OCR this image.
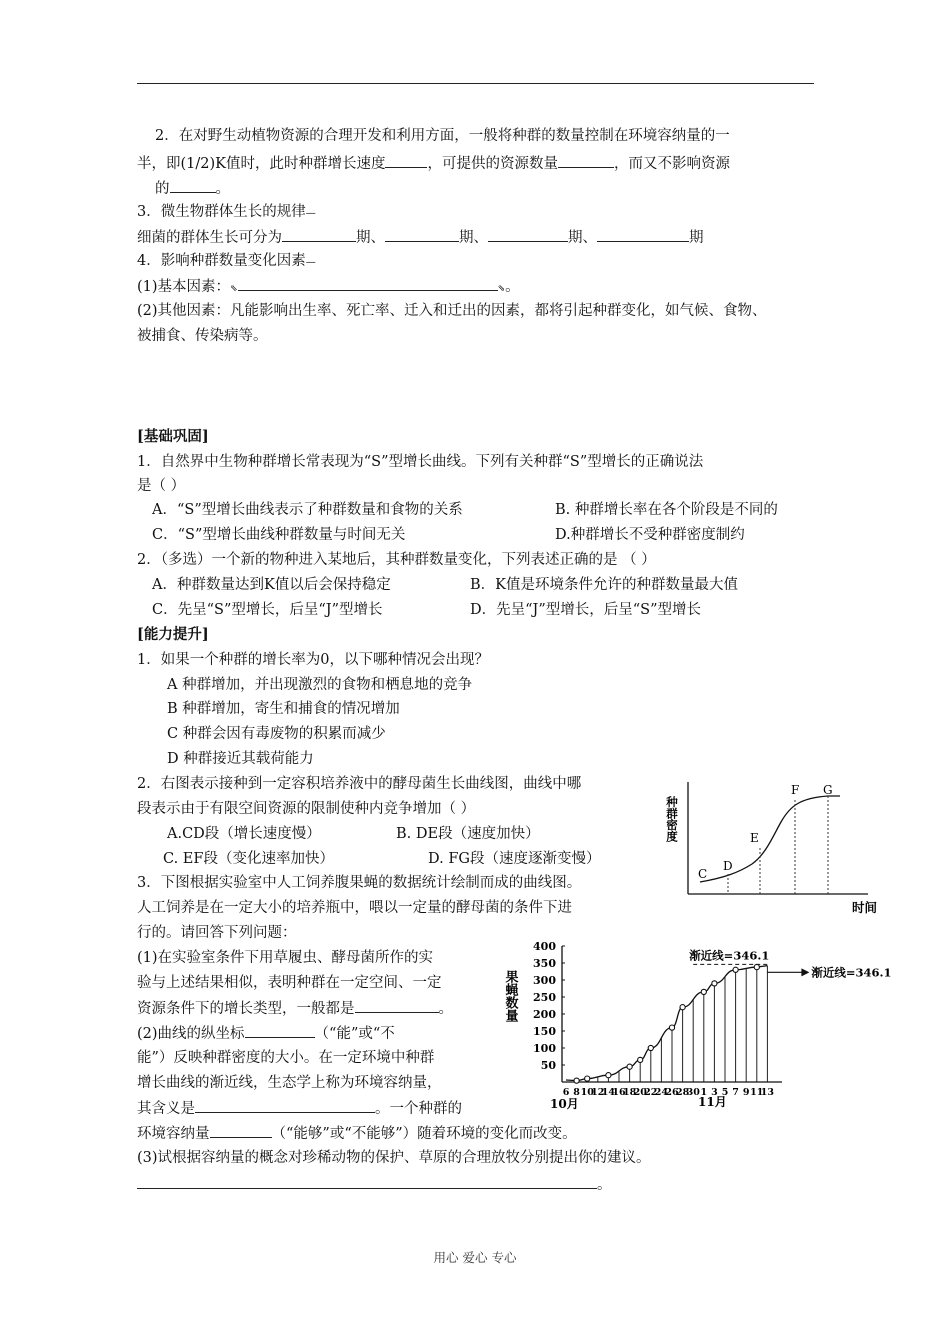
2．在对野生动植物资源的合理开发和利用方面，一般将种群的数量控制在环境容纳量的一
半，即(1/2)K值时，此时种群增长速度	，可提供的资源数量	，而又不影响资源
的	。
3．微生物群体生长的规律—
细菌的群体生长可分为	期、	期、	期、	期
4．影响种群数量变化因素—
(1)基本因素：⇖	⇘。
(2)其他因素：凡能影响出生率、死亡率、迁入和迁出的因素，都将引起种群变化，如气候、食物、
被捕食、传染病等。
[基础巩固]
1．自然界中生物种群增长常表现为“S”型增长曲线。下列有关种群“S”型增长的正确说法
是（ ）
A．“S”型增长曲线表示了种群数量和食物的关系	B. 种群增长率在各个阶段是不同的
C．“S”型增长曲线种群数量与时间无关	D.种群增长不受种群密度制约
2．（多选）一个新的物种进入某地后，其种群数量变化，下列表述正确的是 （ ）
A．种群数量达到K值以后会保持稳定	B．K值是环境条件允许的种群数量最大值
C．先呈“S”型增长，后呈“J”型增长	D．先呈“J”型增长，后呈“S”型增长
[能力提升]
1．如果一个种群的增长率为0，以下哪种情况会出现？
A 种群增加，并出现激烈的食物和栖息地的竞争
B 种群增加，寄生和捕食的情况增加
C 种群会因有毒废物的积累而减少
D 种群接近其载荷能力
2．右图表示接种到一定容积培养液中的酵母菌生长曲线图，曲线中哪
段表示由于有限空间资源的限制使种内竞争增加（ ）
A.CD段（增长速度慢）	B. DE段（速度加快）
C. EF段（变化速率加快）	D. FG段（速度逐渐变慢）
种群密度
时间
C
D
E
F G
3．下图根据实验室中人工饲养腹果蝇的数据统计绘制而成的曲线图。
人工饲养是在一定大小的培养瓶中，喂以一定量的酵母菌的条件下进
行的。请回答下列问题：
(1)在实验室条件下用草履虫、酵母菌所作的实
验与上述结果相似，表明种群在一定空间、一定
资源条件下的增长类型，一般都是	。
(2)曲线的纵坐标	（“能”或“不
能”）反映种群密度的大小。在一定环境中种群
增长曲线的渐近线，生态学上称为环境容纳量，
其含义是	。一个种群的
环境容纳量	（“能够”或“不能够”）随着环境的变化而改变。
(3)试根据容纳量的概念对珍稀动物的保护、草原的合理放牧分别提出你的建议。
。
400
350
300
250
200
150
100
50
6 8 10
12
14
16
18
20
22
24
26
28
30 1 3 5 7 9 11
13
果蝇数量
渐近线=346.1
渐近线=346.1
10月	11月
用心 爱心 专心
